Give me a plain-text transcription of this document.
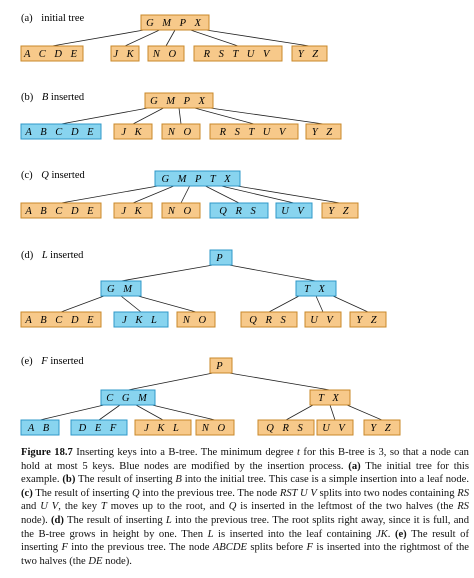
G M P X
A C D E	J K N O R S T U V Y Z
G M P X
A B C D E J K N O R S T U V Y Z
G M P T X
A B C D E J K N O Q R S U V Y Z
P
G M	T X
A B C D E J K L N O	Q R S U V Y Z
P
C G M	T X
A B	D E F J K L N O	Q R S U V Y Z
(a) initial tree
(b) B inserted
(c) Q inserted
(d) L inserted
(e) F inserted
Figure 18.7 Inserting keys into a B-tree. The minimum degree t for this B-tree is 3, so that a node can hold at most 5 keys. Blue nodes are modified by the insertion process. (a) The initial tree for this example. (b) The result of inserting B into the initial tree. This case is a simple insertion into a leaf node. (c) The result of inserting Q into the previous tree. The node RST U V splits into two nodes containing RS and U V, the key T moves up to the root, and Q is inserted in the leftmost of the two halves (the RS node). (d) The result of inserting L into the previous tree. The root splits right away, since it is full, and the B-tree grows in height by one. Then L is inserted into the leaf containing JK. (e) The result of inserting F into the previous tree. The node ABCDE splits before F is inserted into the rightmost of the two halves (the DE node).
